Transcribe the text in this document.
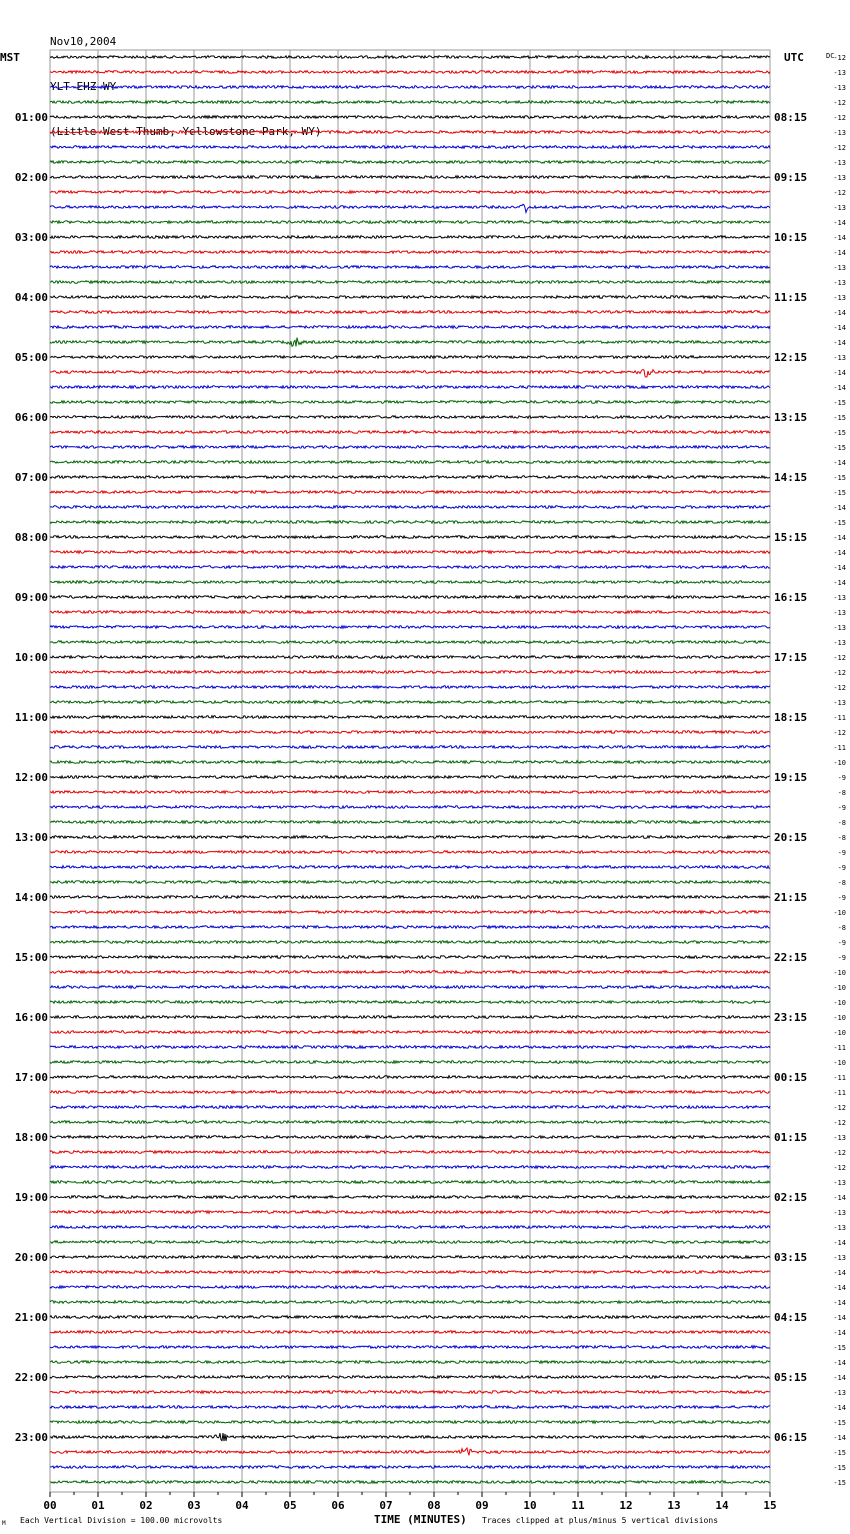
Nov10,2004

YLT EHZ WY

(Little West Thumb, Yellowstone Park, WY)

MST	UTC	DC
TIME (MINUTES)
Each Vertical Division = 100.00 microvolts	Traces clipped at plus/minus 5 vertical divisions
M
00	01	02	03	04	05	06	07	08	09	10	11	12	13	14	15
-12
-13
-13
-12
-12
-13
-12
-13
-13
-12
-13
-14
-14
-14
-13
-13
-13
-14
-14
-14
-13
-14
-14
-15
-15
-15
-15
-14
-15
-15
-14
-15
-14
-14
-14
-14
-13
-13
-13
-13
-12
-12
-12
-13
-11
-12
-11
-10
-9
-8
-9
-8
-8
-9
-9
-8
-9
-10
-8
-9
-9
-10
-10
-10
-10
-10
-11
-10
-11
-11
-12
-12
-13
-12
-12
-13
-14
-13
-13
-14
-13
-14
-14
-14
-14
-14
-15
-14
-14
-13
-14
-15
-14
-15
-15
-15
01:00
02:00
03:00
04:00
05:00
06:00
07:00
08:00
09:00
10:00
11:00
12:00
13:00
14:00
15:00
16:00
17:00
18:00
19:00
20:00
21:00
22:00
23:00
08:15
09:15
10:15
11:15
12:15
13:15
14:15
15:15
16:15
17:15
18:15
19:15
20:15
21:15
22:15
23:15
00:15
01:15
02:15
03:15
04:15
05:15
06:15
